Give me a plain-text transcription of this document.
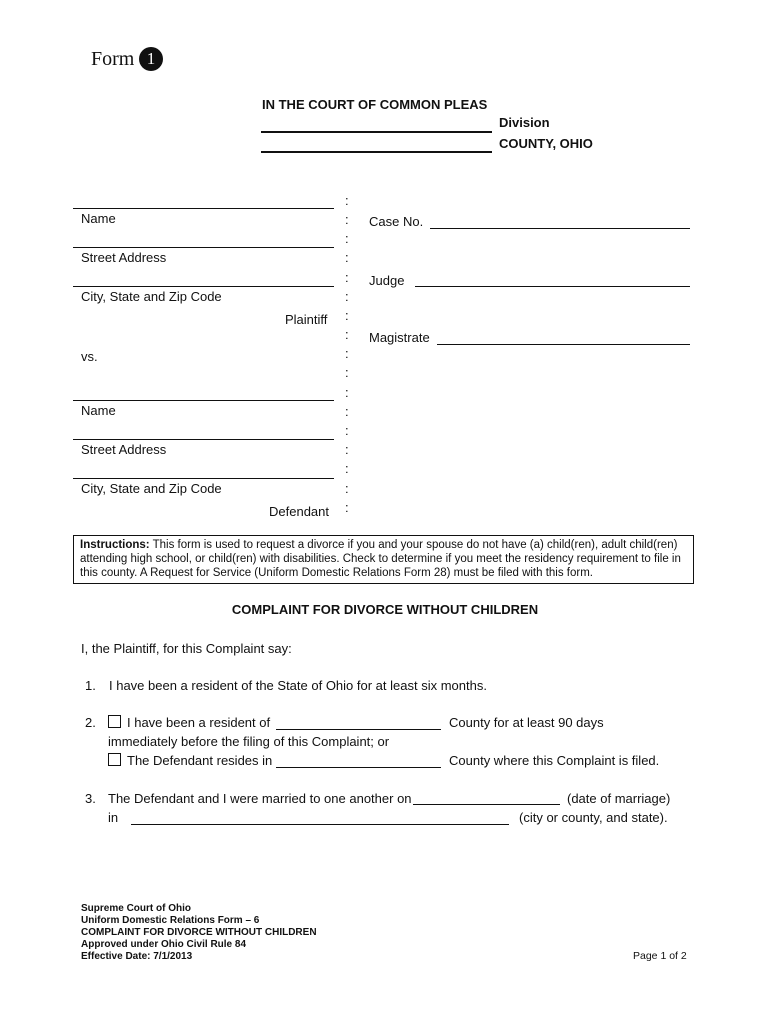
Form 1
IN THE COURT OF COMMON PLEAS
Division
COUNTY, OHIO
Name
Street Address
City, State and Zip Code
Plaintiff
vs.
Name
Street Address
City, State and Zip Code
Defendant
:
:
:
:
:
:
:
:
:
:
:
:
:
:
:
:
:
Case No.
Judge
Magistrate
Instructions: This form is used to request a divorce if you and your spouse do not have (a) child(ren), adult child(ren) attending high school, or child(ren) with disabilities. Check to determine if you meet the residency requirement to file in this county. A Request for Service (Uniform Domestic Relations Form 28) must be filed with this form.
COMPLAINT FOR DIVORCE WITHOUT CHILDREN
I, the Plaintiff, for this Complaint say:
1. I have been a resident of the State of Ohio for at least six months.
2. I have been a resident of	County for at least 90 days
immediately before the filing of this Complaint; or
The Defendant resides in	County where this Complaint is filed.
3. The Defendant and I were married to one another on	(date of marriage)
in	(city or county, and state).
Supreme Court of Ohio
Uniform Domestic Relations Form – 6
COMPLAINT FOR DIVORCE WITHOUT CHILDREN
Approved under Ohio Civil Rule 84
Effective Date: 7/1/2013	Page 1 of 2
